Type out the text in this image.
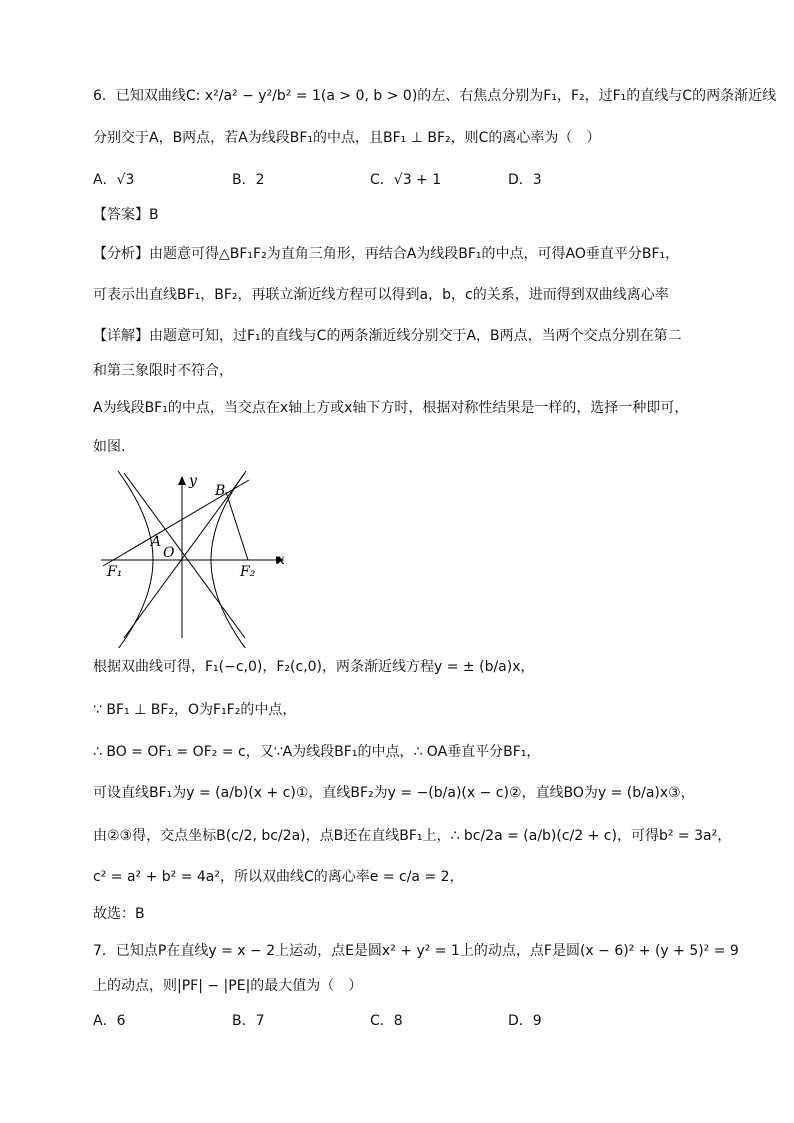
6．已知双曲线C: x²/a² − y²/b² = 1(a > 0, b > 0)的左、右焦点分别为F₁，F₂，过F₁的直线与C的两条渐近线
分别交于A，B两点，若A为线段BF₁的中点，且BF₁ ⊥ BF₂，则C的离心率为（　）
A．√3	B．2	C．√3 + 1	D．3
【答案】B
【分析】由题意可得△BF₁F₂为直角三角形，再结合A为线段BF₁的中点，可得AO垂直平分BF₁，
可表示出直线BF₁，BF₂，再联立渐近线方程可以得到a，b，c的关系，进而得到双曲线离心率
【详解】由题意可知，过F₁的直线与C的两条渐近线分别交于A，B两点，当两个交点分别在第二
和第三象限时不符合，
A为线段BF₁的中点，当交点在x轴上方或x轴下方时，根据对称性结果是一样的，选择一种即可，
如图.
y
x
B
A
O
F₁	F₂
根据双曲线可得，F₁(−c,0)，F₂(c,0)，两条渐近线方程y = ± (b/a)x，
∵ BF₁ ⊥ BF₂，O为F₁F₂的中点，
∴ BO = OF₁ = OF₂ = c，又∵A为线段BF₁的中点，∴ OA垂直平分BF₁，
可设直线BF₁为y = (a/b)(x + c)①，直线BF₂为y = −(b/a)(x − c)②，直线BO为y = (b/a)x③，
由②③得，交点坐标B(c/2, bc/2a)，点B还在直线BF₁上，∴ bc/2a = (a/b)(c/2 + c)，可得b² = 3a²，
c² = a² + b² = 4a²，所以双曲线C的离心率e = c/a = 2，
故选：B
7．已知点P在直线y = x − 2上运动，点E是圆x² + y² = 1上的动点，点F是圆(x − 6)² + (y + 5)² = 9
上的动点，则|PF| − |PE|的最大值为（　）
A．6	B．7	C．8	D．9
